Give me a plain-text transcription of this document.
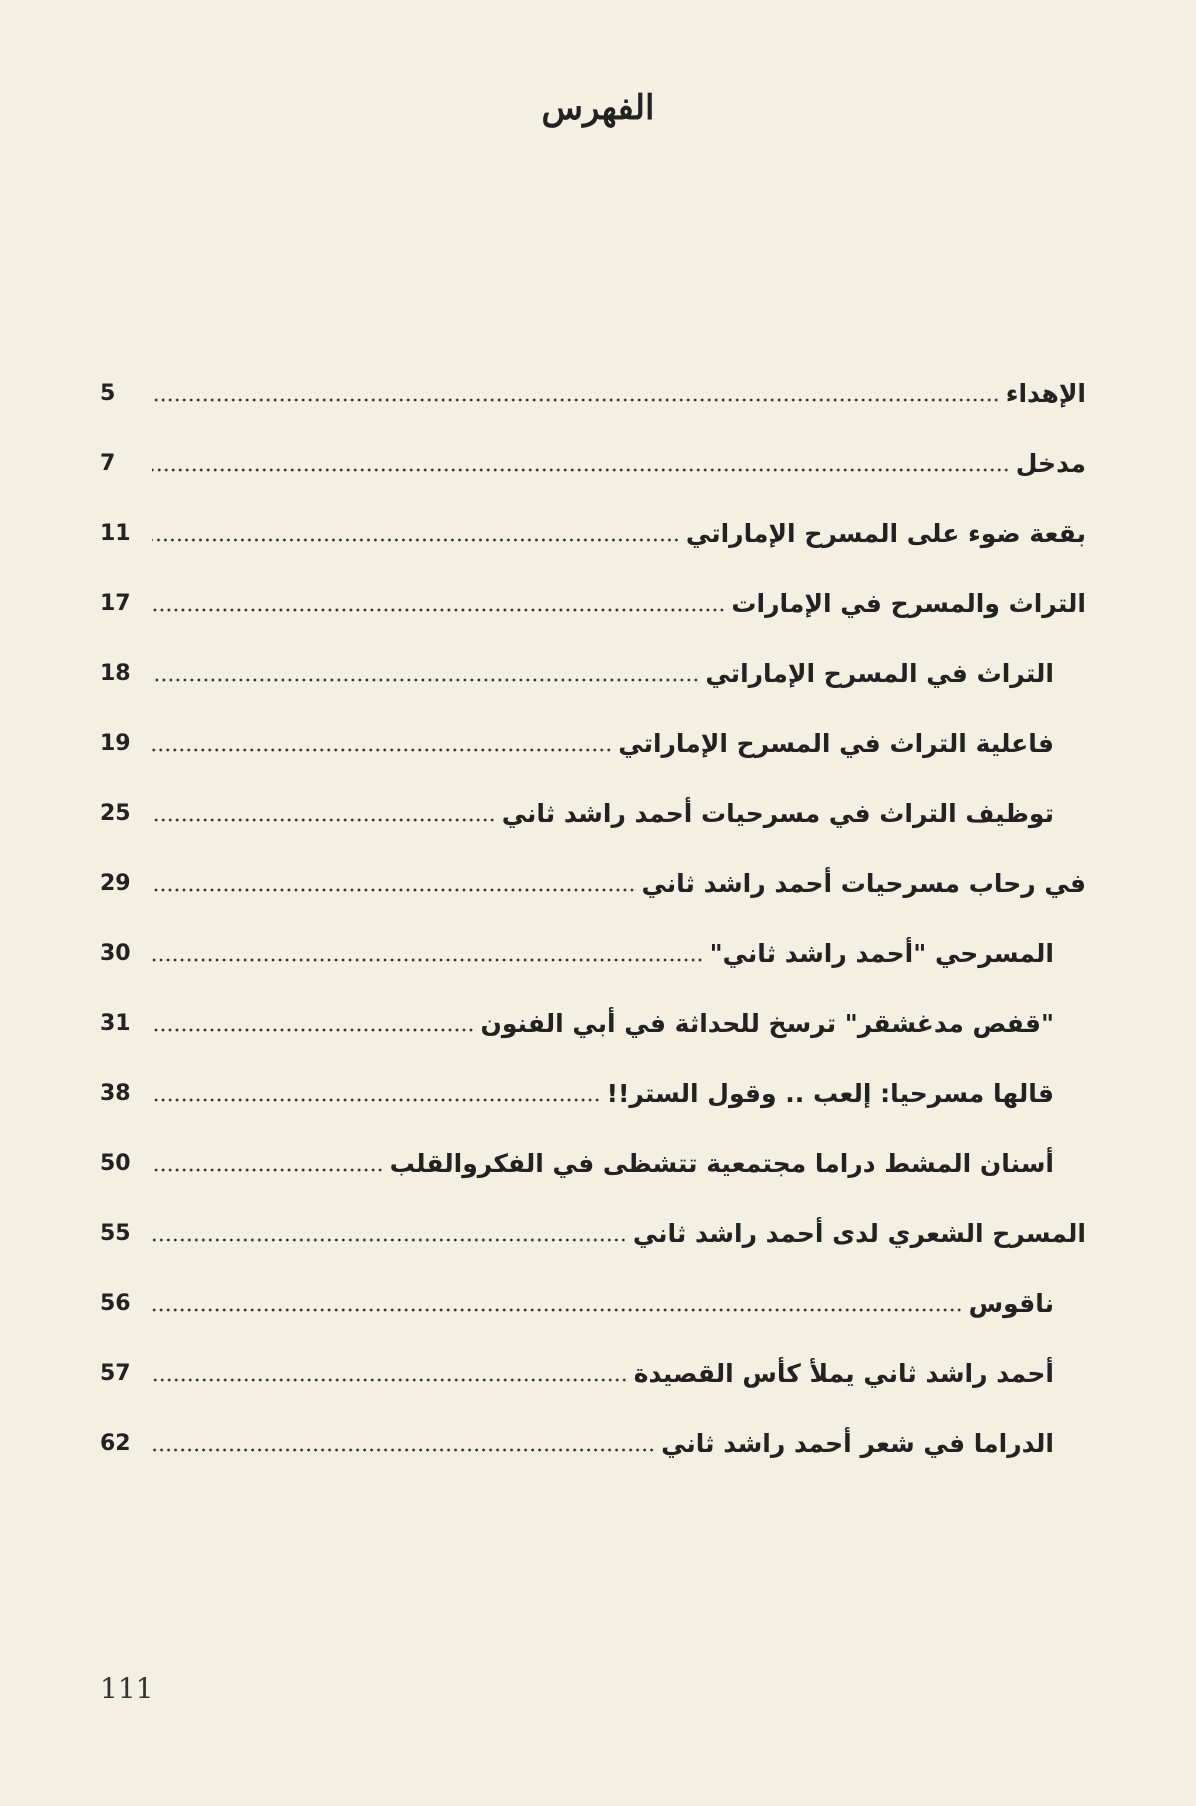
الفهرس
الإهداء
5
مدخل
7
بقعة ضوء على المسرح الإماراتي
11
التراث والمسرح في الإمارات
17
التراث في المسرح الإماراتي
18
فاعلية التراث في المسرح الإماراتي
19
توظيف التراث في مسرحيات أحمد راشد ثاني
25
في رحاب مسرحيات أحمد راشد ثاني
29
المسرحي "أحمد راشد ثاني"
30
"قفص مدغشقر" ترسخ للحداثة في أبي الفنون
31
قالها مسرحيا: إلعب .. وقول الستر!!
38
أسنان المشط دراما مجتمعية تتشظى في الفكروالقلب
50
المسرح الشعري لدى أحمد راشد ثاني
55
ناقوس
56
أحمد راشد ثاني يملأ كأس القصيدة
57
الدراما في شعر أحمد راشد ثاني
62
111
